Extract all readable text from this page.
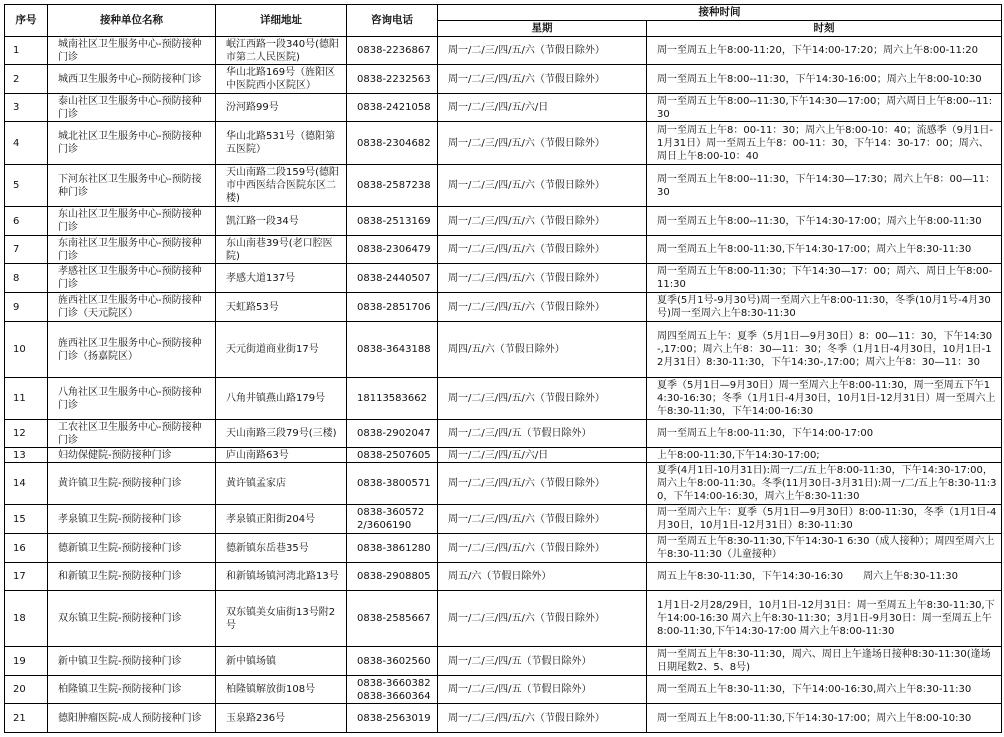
序号	接种单位名称	详细地址	咨询电话	接种时间	
				星期	时刻
1	城南社区卫生服务中心-预防接种门诊	岷江西路一段340号(德阳市第二人民医院)	0838-2236867	周一/二/三/四/五/六（节假日除外）	周一至周五上午8:00-11:20，下午14:00-17:20；周六上午8:00-11:20
2	城西卫生服务中心-预防接种门诊	华山北路169号（旌阳区中医院西小区院区）	0838-2232563	周一/二/三/四/五/六（节假日除外）	周一至周五上午8:00--11:30，下午14:30-16:00；周六上午8:00-10:30
3	泰山社区卫生服务中心-预防接种门诊	汾河路99号	0838-2421058	周一/二/三/四/五/六/日	周一至周五上午8:00--11:30,下午14:30—17:00；周六周日上午8:00--11:30
4	城北社区卫生服务中心-预防接种门诊	华山北路531号（德阳第五医院）	0838-2304682	周一/二/三/四/五/六（节假日除外）	周一至周五上午8：00-11：30；周六上午8:00-10：40；流感季（9月1日-1月31日）周一至周五上午8：00-11：30，下午14：30-17：00；周六、周日上午8:00-10：40
5	下河东社区卫生服务中心-预防接种门诊	天山南路二段159号(德阳市中西医结合医院东区二楼)	0838-2587238	周一/二/三/四/五/六（节假日除外）	周一至周五上午8:00--11:30，下午14:30—17:30；周六上午8：00—11：30
6	东山社区卫生服务中心-预防接种门诊	凯江路一段34号	0838-2513169	周一/二/三/四/五/六（节假日除外）	周一至周五上午8:00--11:30，下午14:30-17:00；周六上午8:00-11:30
7	东南社区卫生服务中心-预防接种门诊	东山南巷39号(老口腔医院)	0838-2306479	周一/二/三/四/五/六（节假日除外）	周一至周五上午8:00-11:30,下午14:30-17:00；周六上午8:30-11:30
8	孝感社区卫生服务中心-预防接种门诊	孝感大道137号	0838-2440507	周一/二/三/四/五/六（节假日除外）	周一至周五上午8:00-11:30；下午14:30—17：00；周六、周日上午8:00-11:30
9	旌西社区卫生服务中心-预防接种门诊（天元院区）	天虹路53号	0838-2851706	周一/二/三/四/五/六（节假日除外）	夏季(5月1号-9月30号)周一至周六上午8:00-11:30，冬季(10月1号-4月30号)周一至周六上午8:30-11:30
10	旌西社区卫生服务中心-预防接种门诊（扬嘉院区）	天元街道商业街17号	0838-3643188	周四/五/六（节假日除外）	周四至周五上午：夏季（5月1日—9月30日）8：00—11：30，下午14:30-,17:00；周六上午8：30—11：30；冬季（1月1日-4月30日，10月1日-12月31日）8:30-11:30，下午14:30-,17:00；周六上午8：30—11：30
11	八角社区卫生服务中心-预防接种门诊	八角井镇燕山路179号	18113583662	周一/二/三/四/五/六（节假日除外）	夏季（5月1日—9月30日）周一至周六上午8:00-11:30，周一至周五下午14:30-16:30；冬季（1月1日-4月30日，10月1日-12月31日）周一至周六上午8:30-11:30，下午14:00-16:30
12	工农社区卫生服务中心-预防接种门诊	天山南路三段79号(三楼)	0838-2902047	周一/二/三/四/五（节假日除外）	周一至周五上午8:00-11:30，下午14:00-17:00
13	妇幼保健院-预防接种门诊	庐山南路63号	0838-2507605	周一/二/三/四/五/六/日	上午8:00-11:30,下午14:30-17:00;
14	黄许镇卫生院-预防接种门诊	黄许镇孟家店	0838-3800571	周一/二/三/四/五/六（节假日除外）	夏季(4月1日-10月31日):周一/二/五上午8:00-11:30，下午14:30-17:00，周六上午8:00-11:30。冬季(11月30日-3月31日):周一/二/五上午8:30-11:30，下午14:00-16:30，周六上午8:30-11:30
15	孝泉镇卫生院-预防接种门诊	孝泉镇正阳街204号	0838-3605722/3606190	周一/二/三/四/五/六（节假日除外）	周一至周六上午：夏季（5月1日—9月30日）8:00-11:30，冬季（1月1日-4月30日，10月1日-12月31日）8:30-11:30
16	德新镇卫生院-预防接种门诊	德新镇东岳巷35号	0838-3861280	周一/二/三/四/五/六（节假日除外）	周一至周五上午8:30-11:30,下午14:30-1 6:30（成人接种）；周四至周六上午8:30-11:30（儿童接种）
17	和新镇卫生院-预防接种门诊	和新镇场镇河湾北路13号	0838-2908805	周五/六（节假日除外）	周五上午8:30-11:30，下午14:30-16:30　　周六上午8:30-11:30
18	双东镇卫生院-预防接种门诊	双东镇美女庙街13号附2号	0838-2585667	周一/二/三/四/五/六（节假日除外）	1月1日-2月28/29日，10月1日-12月31日：周一至周五上午8:30-11:30,下午14:00-16:30 周六上午8:30-11:30；3月1日-9月30日：周一至周五上午8:00-11:30,下午14:30-17:00 周六上午8:00-11:30
19	新中镇卫生院-预防接种门诊	新中镇场镇	0838-3602560	周一/二/三/四/五（节假日除外）	周一至周五上午8:30-11:30，周六、周日上午逢场日接种8:30-11:30(逢场日期尾数2、5、8号)
20	柏隆镇卫生院-预防接种门诊	柏隆镇解放街108号	0838-3660382 0838-3660364	周一/二/三/四/五（节假日除外）	周一至周五上午8:30-11:30，下午14:00-16:30,周六上午8:30-11:30
21	德阳肿瘤医院-成人预防接种门诊	玉泉路236号	0838-2563019	周一/二/三/四/五/六（节假日除外）	周一至周五上午8:00-11:30,下午14:30-17:00；周六上午8:00-10:30
